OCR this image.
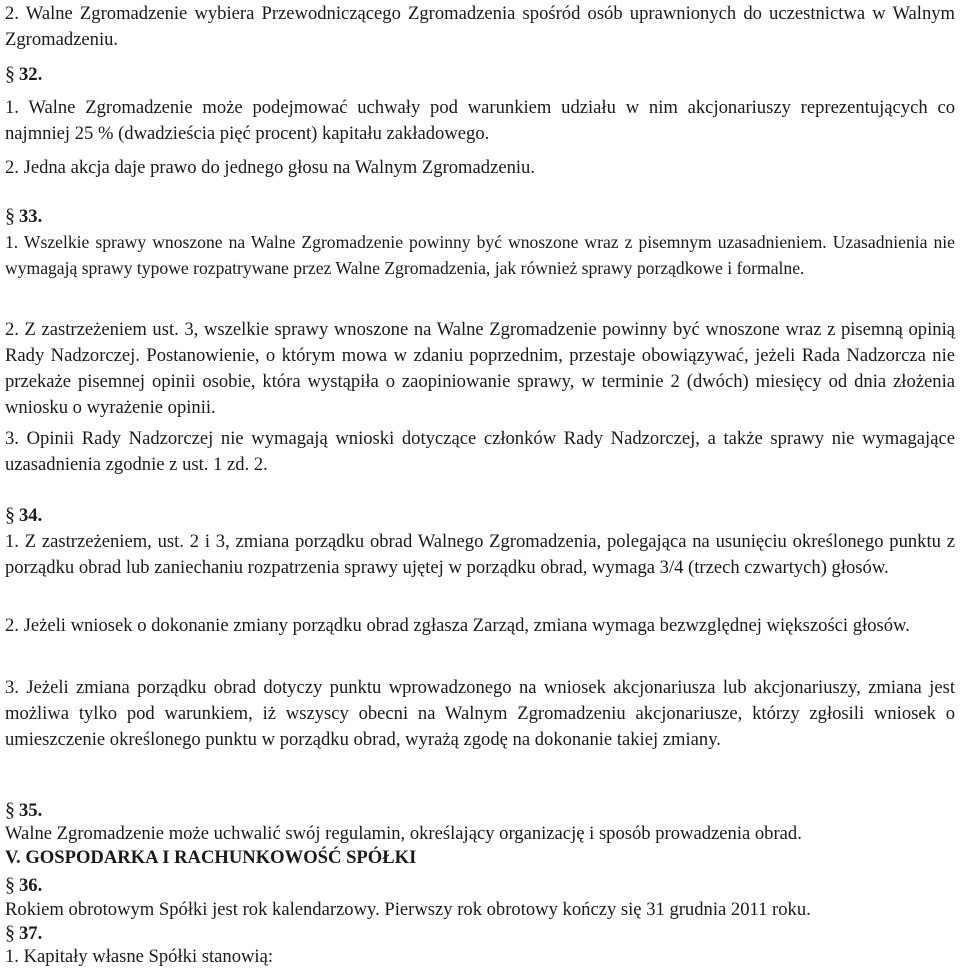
2. Walne Zgromadzenie wybiera Przewodniczącego Zgromadzenia spośród osób uprawnionych do uczestnictwa w Walnym Zgromadzeniu.

§ 32.

1. Walne Zgromadzenie może podejmować uchwały pod warunkiem udziału w nim akcjonariuszy reprezentujących co najmniej 25 % (dwadzieścia pięć procent) kapitału zakładowego.

2. Jedna akcja daje prawo do jednego głosu na Walnym Zgromadzeniu.

§ 33.

1. Wszelkie sprawy wnoszone na Walne Zgromadzenie powinny być wnoszone wraz z pisemnym uzasadnieniem. Uzasadnienia nie wymagają sprawy typowe rozpatrywane przez Walne Zgromadzenia, jak również sprawy porządkowe i formalne.

2. Z zastrzeżeniem ust. 3, wszelkie sprawy wnoszone na Walne Zgromadzenie powinny być wnoszone wraz z pisemną opinią Rady Nadzorczej. Postanowienie, o którym mowa w zdaniu poprzednim, przestaje obowiązywać, jeżeli Rada Nadzorcza nie przekaże pisemnej opinii osobie, która wystąpiła o zaopiniowanie sprawy, w terminie 2 (dwóch) miesięcy od dnia złożenia wniosku o wyrażenie opinii.

3. Opinii Rady Nadzorczej nie wymagają wnioski dotyczące członków Rady Nadzorczej, a także sprawy nie wymagające uzasadnienia zgodnie z ust. 1 zd. 2.

§ 34.

1. Z zastrzeżeniem, ust. 2 i 3, zmiana porządku obrad Walnego Zgromadzenia, polegająca na usunięciu określonego punktu z porządku obrad lub zaniechaniu rozpatrzenia sprawy ujętej w porządku obrad, wymaga 3/4 (trzech czwartych) głosów.

2. Jeżeli wniosek o dokonanie zmiany porządku obrad zgłasza Zarząd, zmiana wymaga bezwzględnej większości głosów.

3. Jeżeli zmiana porządku obrad dotyczy punktu wprowadzonego na wniosek akcjonariusza lub akcjonariuszy, zmiana jest możliwa tylko pod warunkiem, iż wszyscy obecni na Walnym Zgromadzeniu akcjonariusze, którzy zgłosili wniosek o umieszczenie określonego punktu w porządku obrad, wyrażą zgodę na dokonanie takiej zmiany.

§ 35.

Walne Zgromadzenie może uchwalić swój regulamin, określający organizację i sposób prowadzenia obrad.

V. GOSPODARKA I RACHUNKOWOŚĆ SPÓŁKI
§ 36.

Rokiem obrotowym Spółki jest rok kalendarzowy. Pierwszy rok obrotowy kończy się 31 grudnia 2011 roku.

§ 37.

1. Kapitały własne Spółki stanowią:
